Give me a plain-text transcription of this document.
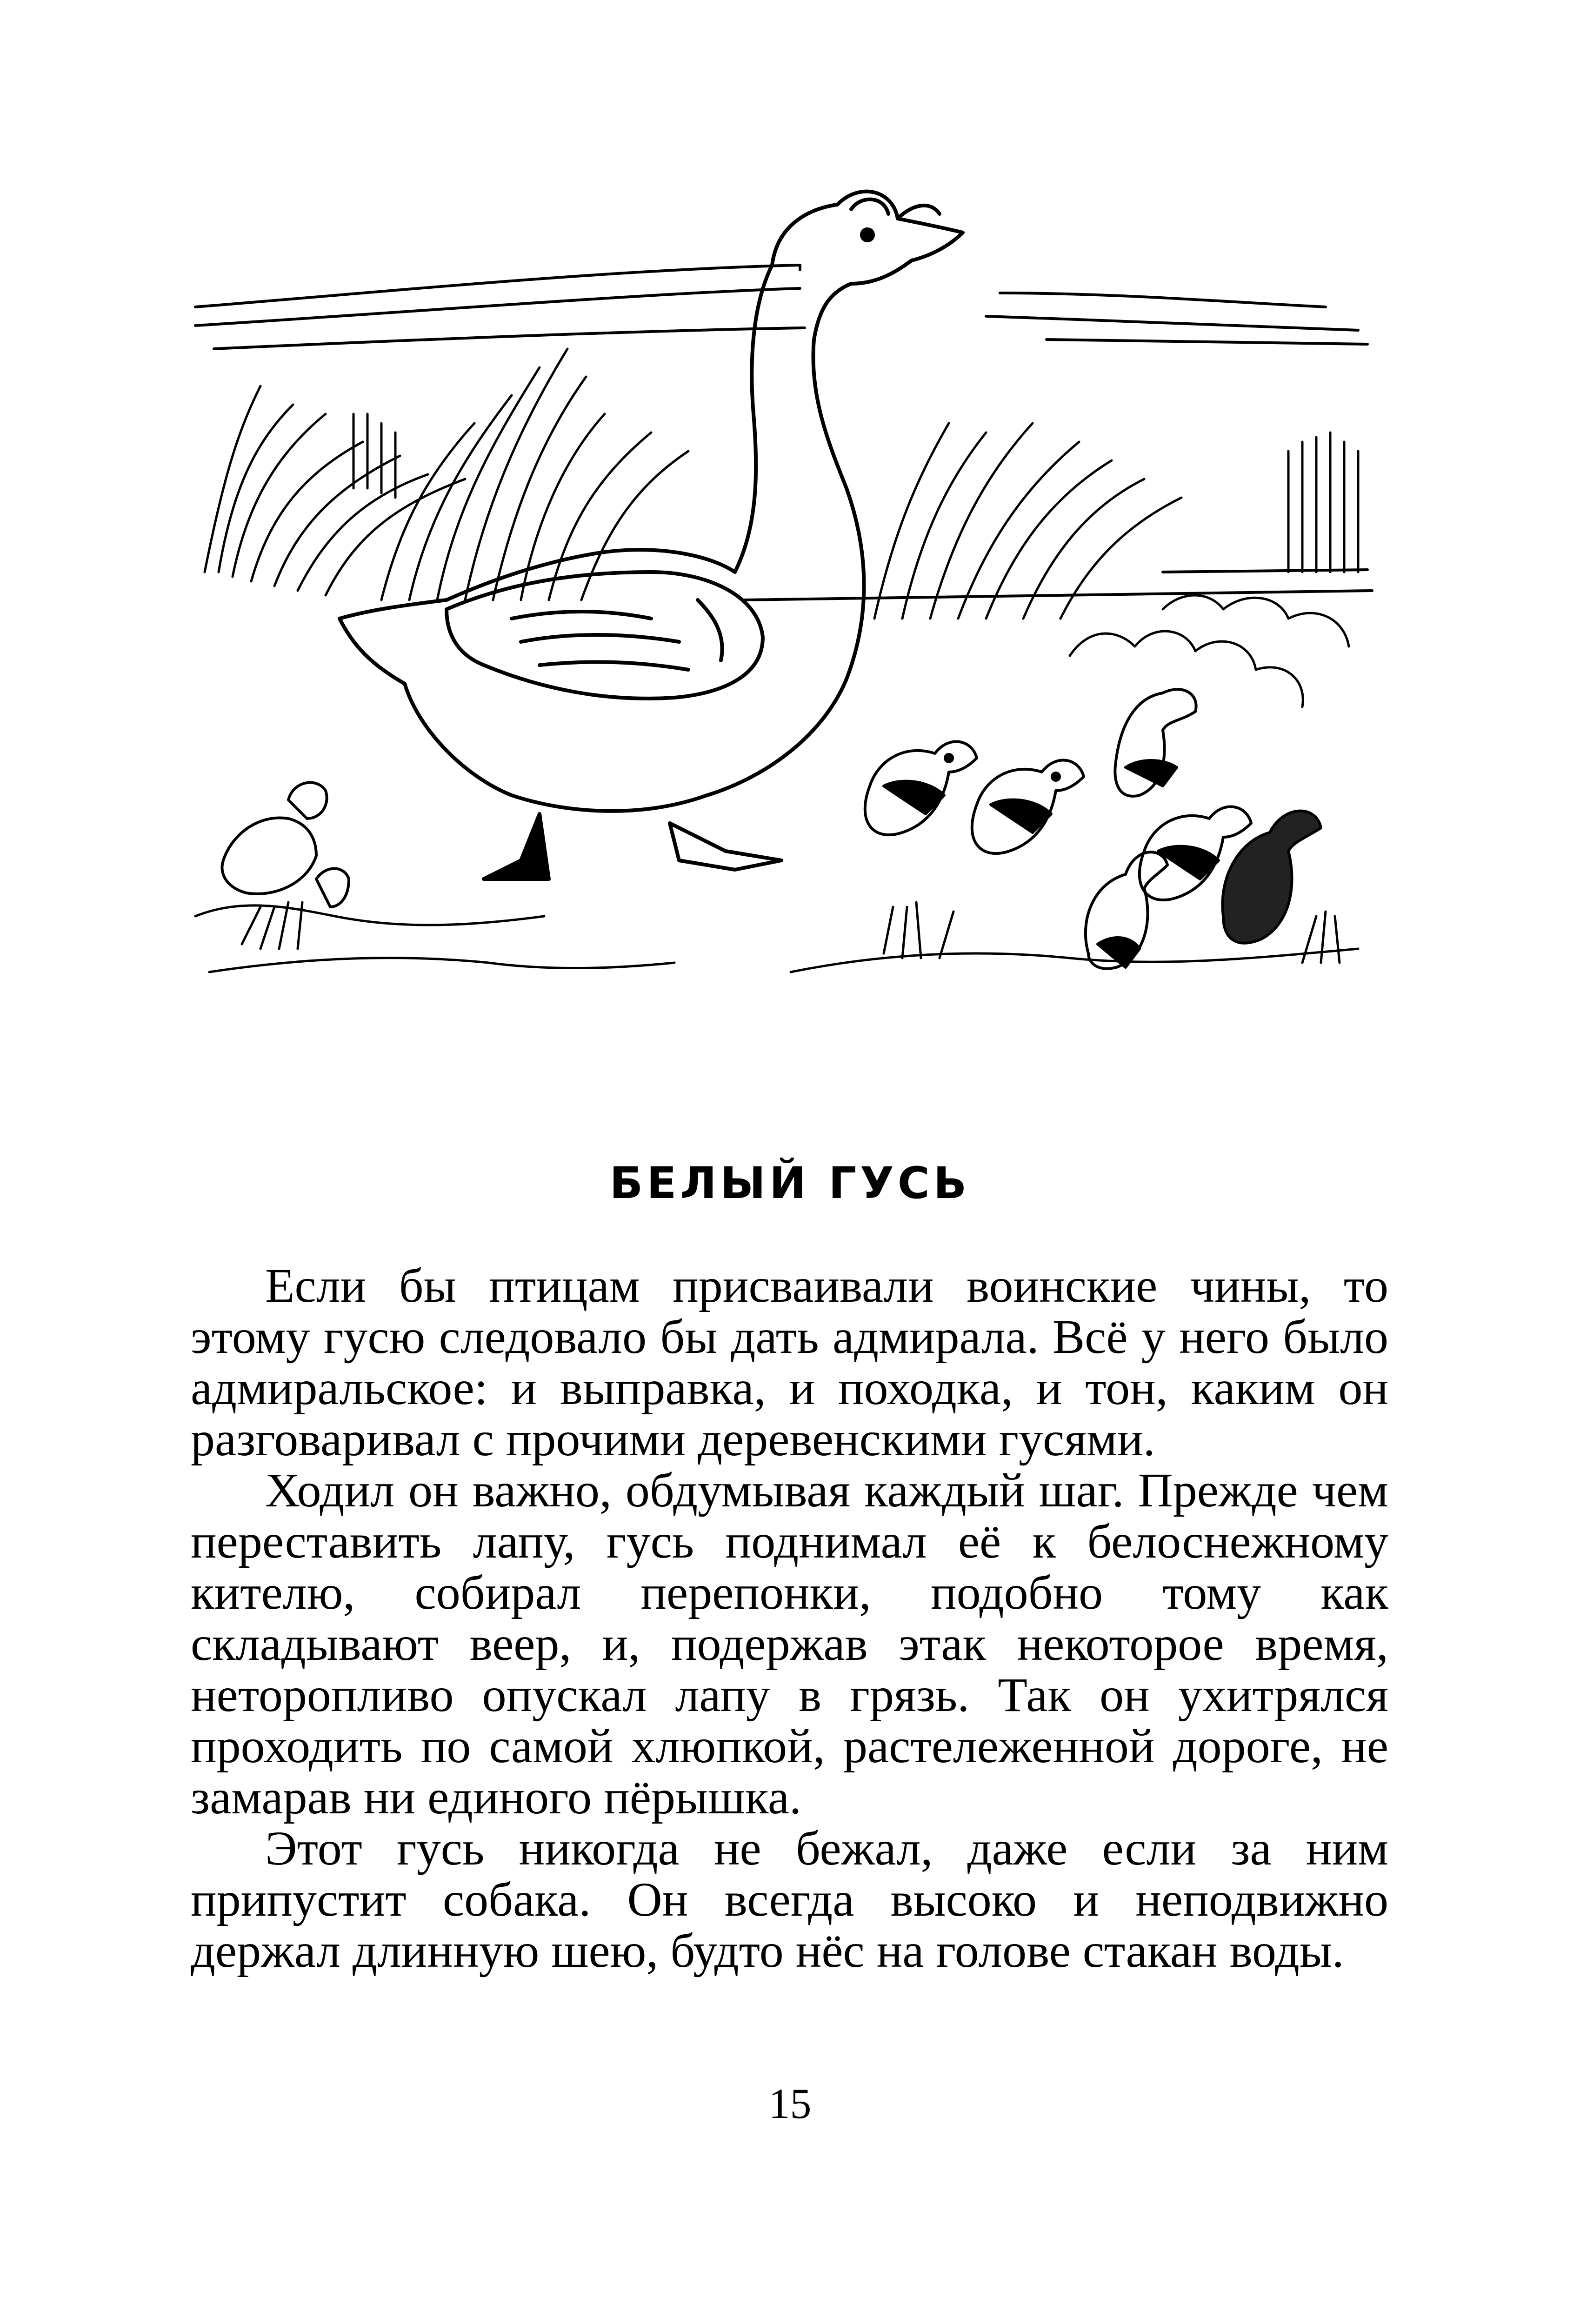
БЕЛЫЙ ГУСЬ

Если бы птицам присваивали воинские чины, то этому гусю следовало бы дать адмирала. Всё у него было адмиральское: и выправка, и походка, и тон, каким он разговаривал с прочими деревенскими гусями.

Ходил он важно, обдумывая каждый шаг. Прежде чем переставить лапу, гусь поднимал её к белоснежному кителю, собирал перепонки, подобно тому как складывают веер, и, подержав этак некоторое время, неторопливо опускал лапу в грязь. Так он ухитрялся проходить по самой хлюпкой, растележенной дороге, не замарав ни единого пёрышка.

Этот гусь никогда не бежал, даже если за ним припустит собака. Он всегда высоко и неподвижно держал длинную шею, будто нёс на голове стакан воды.

15
